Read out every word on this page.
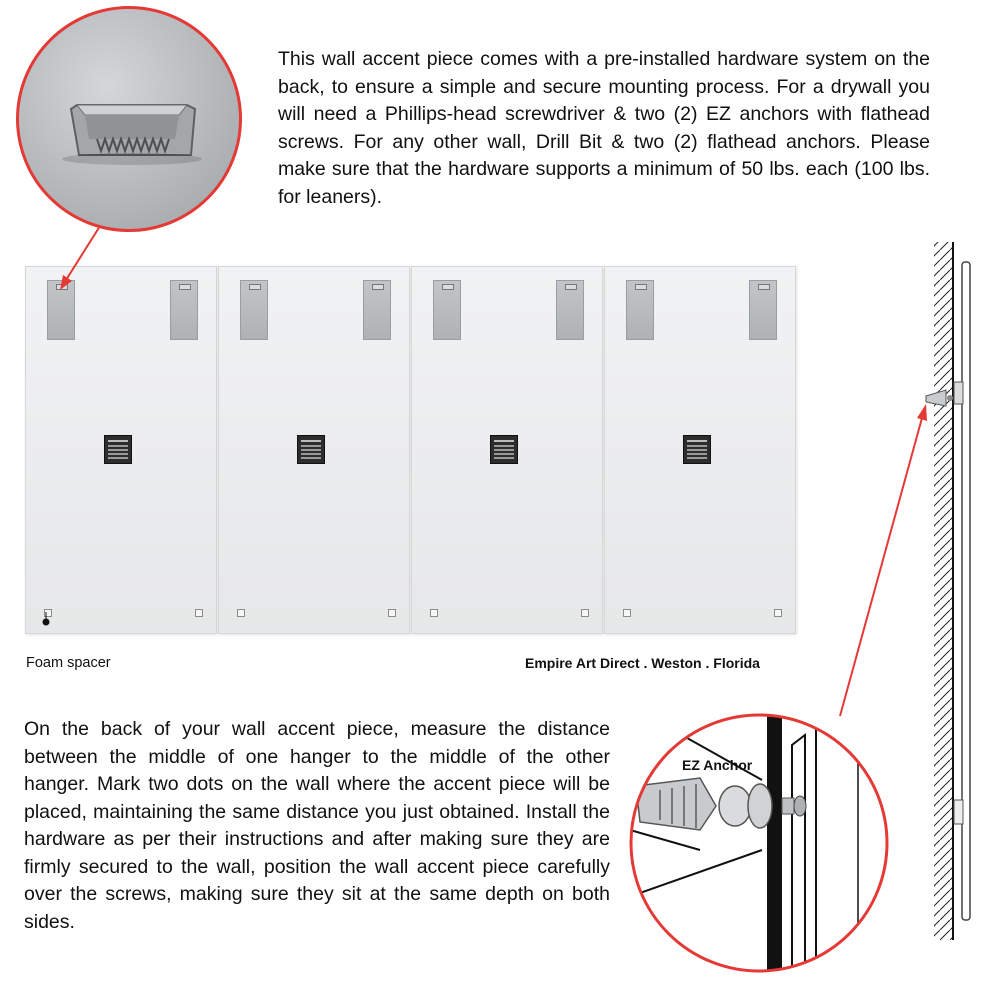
This wall accent piece comes with a pre-installed hardware system on the back, to ensure a simple and secure mounting process. For a drywall you will need a Phillips-head screwdriver & two (2) EZ anchors with flathead screws. For any other wall, Drill Bit & two (2) flathead anchors. Please make sure that the hardware supports a minimum of 50 lbs. each (100 lbs. for leaners).

Foam spacer	Empire Art Direct . Weston . Florida

On the back of your wall accent piece, measure the distance between the middle of one hanger to the middle of the other hanger. Mark two dots on the wall where the accent piece will be placed, maintaining the same distance you just obtained. Install the hardware as per their instructions and after making sure they are firmly secured to the wall, position the wall accent piece carefully over the screws, making sure they sit at the same depth on both sides.

EZ Anchor
